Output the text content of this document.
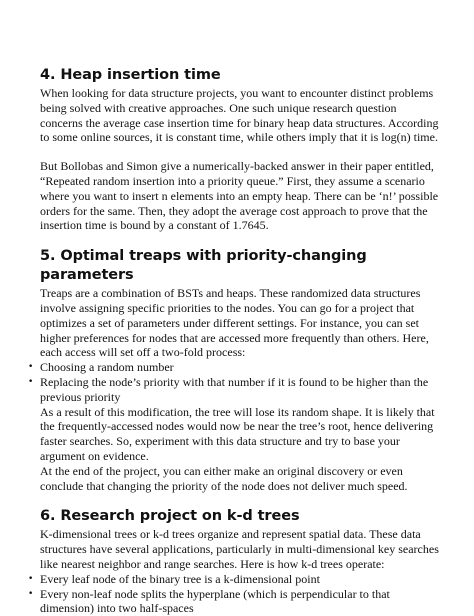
4. Heap insertion time

When looking for data structure projects, you want to encounter distinct problems being solved with creative approaches. One such unique research question concerns the average case insertion time for binary heap data structures. According to some online sources, it is constant time, while others imply that it is log(n) time.

But Bollobas and Simon give a numerically-backed answer in their paper entitled, “Repeated random insertion into a priority queue.” First, they assume a scenario where you want to insert n elements into an empty heap. There can be ‘n!’ possible orders for the same. Then, they adopt the average cost approach to prove that the insertion time is bound by a constant of 1.7645.

5. Optimal treaps with priority-changing parameters

Treaps are a combination of BSTs and heaps. These randomized data structures involve assigning specific priorities to the nodes. You can go for a project that optimizes a set of parameters under different settings. For instance, you can set higher preferences for nodes that are accessed more frequently than others. Here, each access will set off a two-fold process:

• Choosing a random number
• Replacing the node’s priority with that number if it is found to be higher than the previous priority

As a result of this modification, the tree will lose its random shape. It is likely that the frequently-accessed nodes would now be near the tree’s root, hence delivering faster searches. So, experiment with this data structure and try to base your argument on evidence.

At the end of the project, you can either make an original discovery or even conclude that changing the priority of the node does not deliver much speed.

6. Research project on k-d trees

K-dimensional trees or k-d trees organize and represent spatial data. These data structures have several applications, particularly in multi-dimensional key searches like nearest neighbor and range searches. Here is how k-d trees operate:

• Every leaf node of the binary tree is a k-dimensional point
• Every non-leaf node splits the hyperplane (which is perpendicular to that dimension) into two half-spaces
